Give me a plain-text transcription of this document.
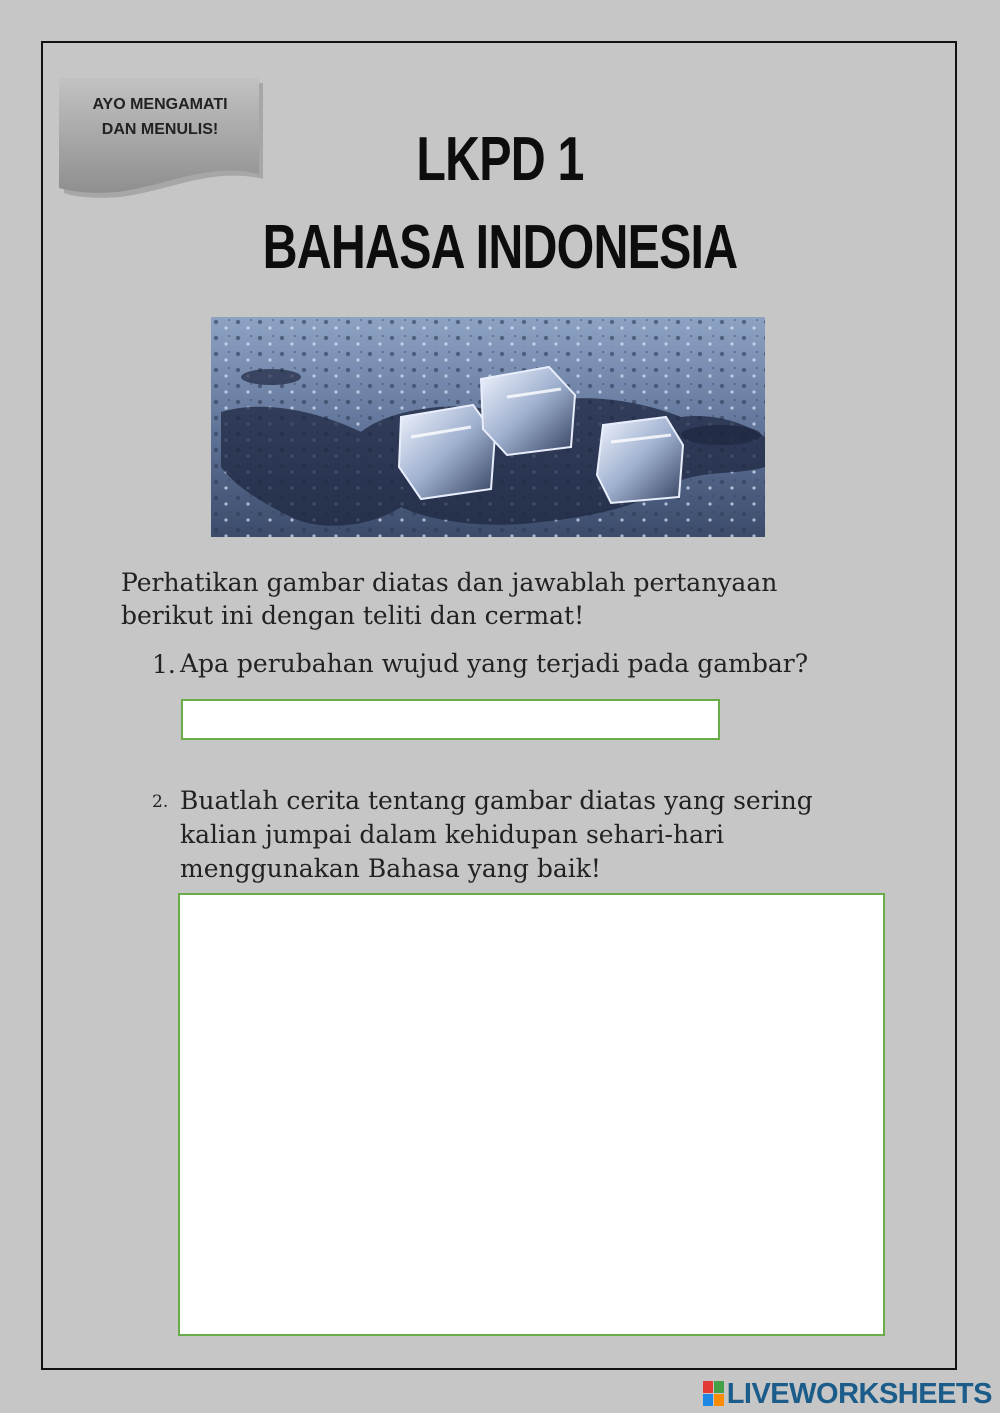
AYO MENGAMATI
DAN MENULIS!	LKPD 1
BAHASA INDONESIA
Perhatikan gambar diatas dan jawablah pertanyaan berikut ini dengan teliti dan cermat!
1. Apa perubahan wujud yang terjadi pada gambar?
2. Buatlah cerita tentang gambar diatas yang sering
kalian jumpai dalam kehidupan sehari-hari
menggunakan Bahasa yang baik!
LIVEWORKSHEETS
